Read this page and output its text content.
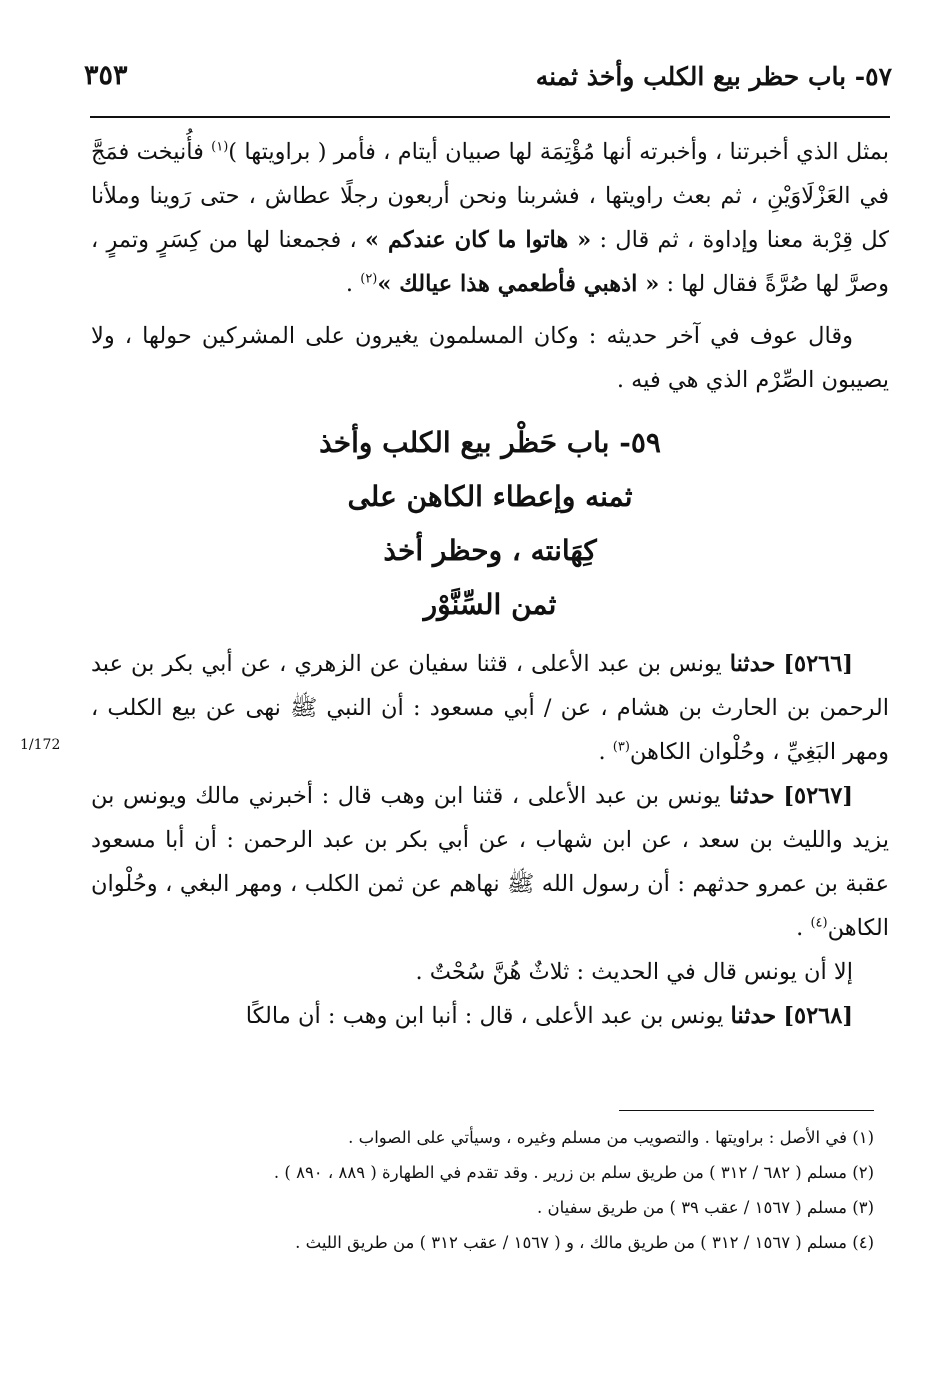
٥٧- باب حظر بيع الكلب وأخذ ثمنه
٣٥٣

بمثل الذي أخبرتنا ، وأخبرته أنها مُؤْتِمَة لها صبيان أيتام ، فأمر ( براويتها )$^{(١)}$ فأُنيخت فمَجَّ في العَزْلَاوَيْنِ ، ثم بعث راويتها ، فشربنا ونحن أربعون رجلًا عطاش ، حتى رَوينا وملأنا كل قِرْبة معنا وإداوة ، ثم قال : « هاتوا ما كان عندكم » ، فجمعنا لها من كِسَرٍ وتمرٍ ، وصرَّ لها صُرَّةً فقال لها : « اذهبي فأطعمي هذا عيالك »$^{(٢)}$ .

وقال عوف في آخر حديثه : وكان المسلمون يغيرون على المشركين حولها ، ولا يصيبون الصِّرْم الذي هي فيه .

٥٩- باب حَظْر بيع الكلب وأخذ
ثمنه وإعطاء الكاهن على
كِهَانته ، وحظر أخذ
ثمن السِّنَّوْر

[٥٢٦٦] حدثنا يونس بن عبد الأعلى ، قثنا سفيان عن الزهري ، عن أبي بكر بن عبد الرحمن بن الحارث بن هشام ، عن / أبي مسعود : أن النبي ﷺ نهى عن بيع الكلب ، ومهر البَغِيِّ ، وحُلْوان الكاهن$^{(٣)}$ .

[٥٢٦٧] حدثنا يونس بن عبد الأعلى ، قثنا ابن وهب قال : أخبرني مالك ويونس بن يزيد والليث بن سعد ، عن ابن شهاب ، عن أبي بكر بن عبد الرحمن : أن أبا مسعود عقبة بن عمرو حدثهم : أن رسول الله ﷺ نهاهم عن ثمن الكلب ، ومهر البغي ، وحُلْوان الكاهن$^{(٤)}$ .

إلا أن يونس قال في الحديث : ثلاثٌ هُنَّ سُحْتٌ .

[٥٢٦٨] حدثنا يونس بن عبد الأعلى ، قال : أنبا ابن وهب : أن مالكًا

1/172

(١) في الأصل : براويتها . والتصويب من مسلم وغيره ، وسيأتي على الصواب .

(٢) مسلم ( ٦٨٢ / ٣١٢ ) من طريق سلم بن زرير . وقد تقدم في الطهارة ( ٨٨٩ ، ٨٩٠ ) .

(٣) مسلم ( ١٥٦٧ / عقب ٣٩ ) من طريق سفيان .

(٤) مسلم ( ١٥٦٧ / ٣١٢ ) من طريق مالك ، و ( ١٥٦٧ / عقب ٣١٢ ) من طريق الليث .
